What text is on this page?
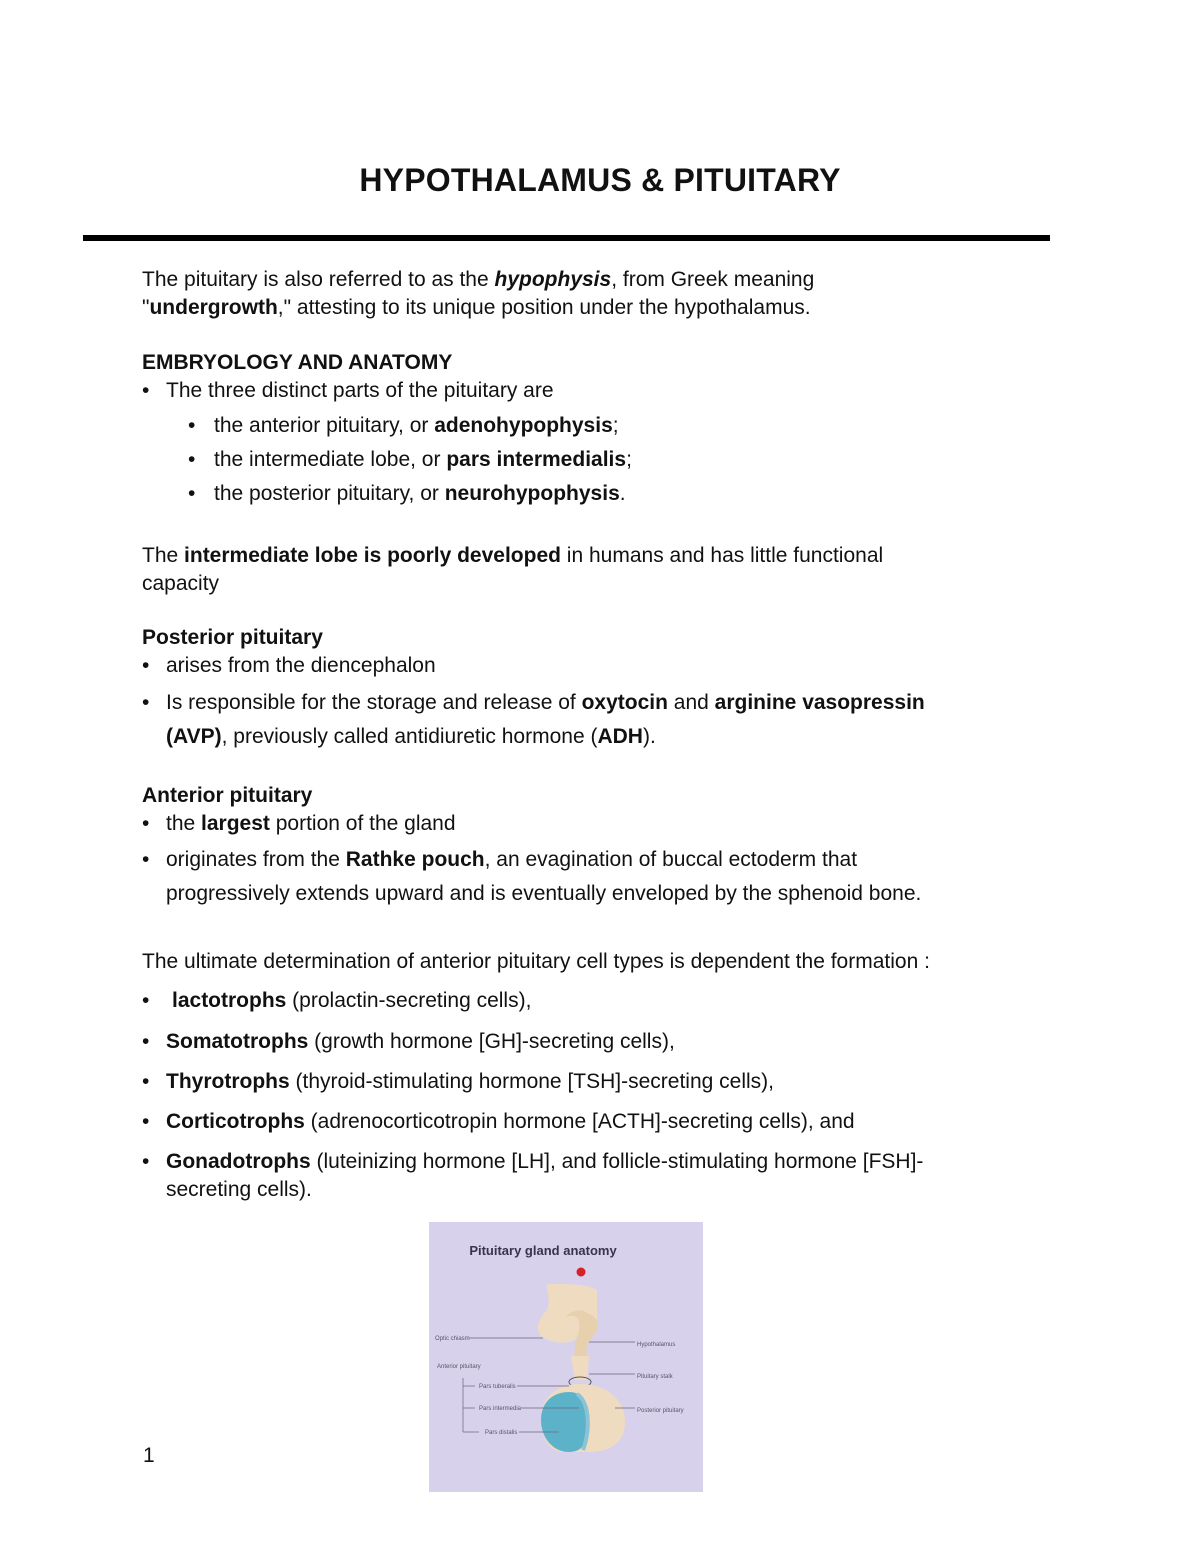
HYPOTHALAMUS & PITUITARY
The pituitary is also referred to as the hypophysis, from Greek meaning
"undergrowth," attesting to its unique position under the hypothalamus.
EMBRYOLOGY AND ANATOMY
• The three distinct parts of the pituitary are
• the anterior pituitary, or adenohypophysis;
• the intermediate lobe, or pars intermedialis;
• the posterior pituitary, or neurohypophysis.
The intermediate lobe is poorly developed in humans and has little functional
capacity
Posterior pituitary
• arises from the diencephalon
• Is responsible for the storage and release of oxytocin and arginine vasopressin
(AVP), previously called antidiuretic hormone (ADH).
Anterior pituitary
• the largest portion of the gland
• originates from the Rathke pouch, an evagination of buccal ectoderm that
progressively extends upward and is eventually enveloped by the sphenoid bone.
The ultimate determination of anterior pituitary cell types is dependent the formation :
• lactotrophs (prolactin-secreting cells),
• Somatotrophs (growth hormone [GH]-secreting cells),
• Thyrotrophs (thyroid-stimulating hormone [TSH]-secreting cells),
• Corticotrophs (adrenocorticotropin hormone [ACTH]-secreting cells), and
• Gonadotrophs (luteinizing hormone [LH], and follicle-stimulating hormone [FSH]-
secreting cells).
Pituitary gland anatomy
Optic chiasm
Anterior pituitary
Pars tuberalis
Pars intermedia
Pars distalis
Hypothalamus
Pituitary stalk
Posterior pituitary
1
